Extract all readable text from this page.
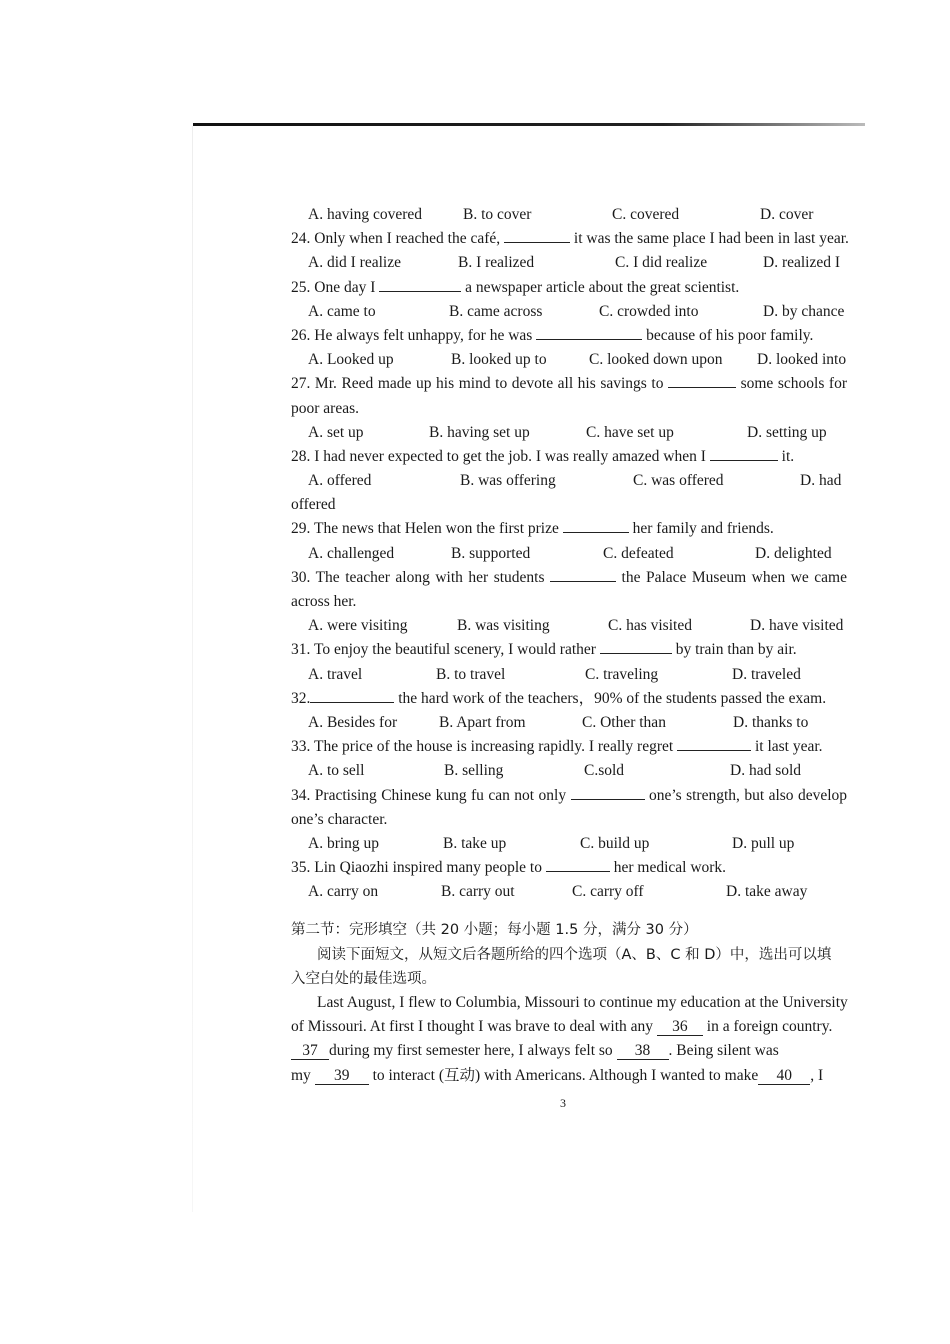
A. having covered	B. to cover	C. covered	D. cover
24. Only when I reached the café,	it was the same place I had been in last year.
A. did I realize	B. I realized	C. I did realize	D. realized I
25. One day I	a newspaper article about the great scientist.
A. came to	B. came across	C. crowded into	D. by chance
26. He always felt unhappy, for he was	because of his poor family.
A. Looked up	B. looked up to	C. looked down upon	D. looked into
27. Mr. Reed made up his mind to devote all his savings to	some schools for
poor areas.
A. set up	B. having set up	C. have set up	D. setting up
28. I had never expected to get the job. I was really amazed when I	it.
A. offered	B. was offering	C. was offered	D. had
offered
29. The news that Helen won the first prize	her family and friends.
A. challenged	B. supported	C. defeated	D. delighted
30. The teacher along with her students	the Palace Museum when we came
across her.
A. were visiting	B. was visiting	C. has visited	D. have visited
31. To enjoy the beautiful scenery, I would rather	by train than by air.
A. travel	B. to travel	C. traveling	D. traveled
32.	the hard work of the teachers，90% of the students passed the exam.
A. Besides for	B. Apart from	C. Other than	D. thanks to
33. The price of the house is increasing rapidly. I really regret	it last year.
A. to sell	B. selling	C.sold	D. had sold
34. Practising Chinese kung fu can not only	one’s strength, but also develop
one’s character.
A. bring up	B. take up	C. build up	D. pull up
35. Lin Qiaozhi inspired many people to	her medical work.
A. carry on	B. carry out	C. carry off	D. take away
第二节：完形填空（共 20 小题；每小题 1.5 分，满分 30 分）
阅读下面短文，从短文后各题所给的四个选项（A、B、C 和 D）中，选出可以填
入空白处的最佳选项。
Last August, I flew to Columbia, Missouri to continue my education at the University
of Missouri. At first I thought I was brave to deal with any 36 in a foreign country.
37 during my first semester here, I always felt so 38 . Being silent was
my 39 to interact (互动) with Americans. Although I wanted to make 40 , I
3
